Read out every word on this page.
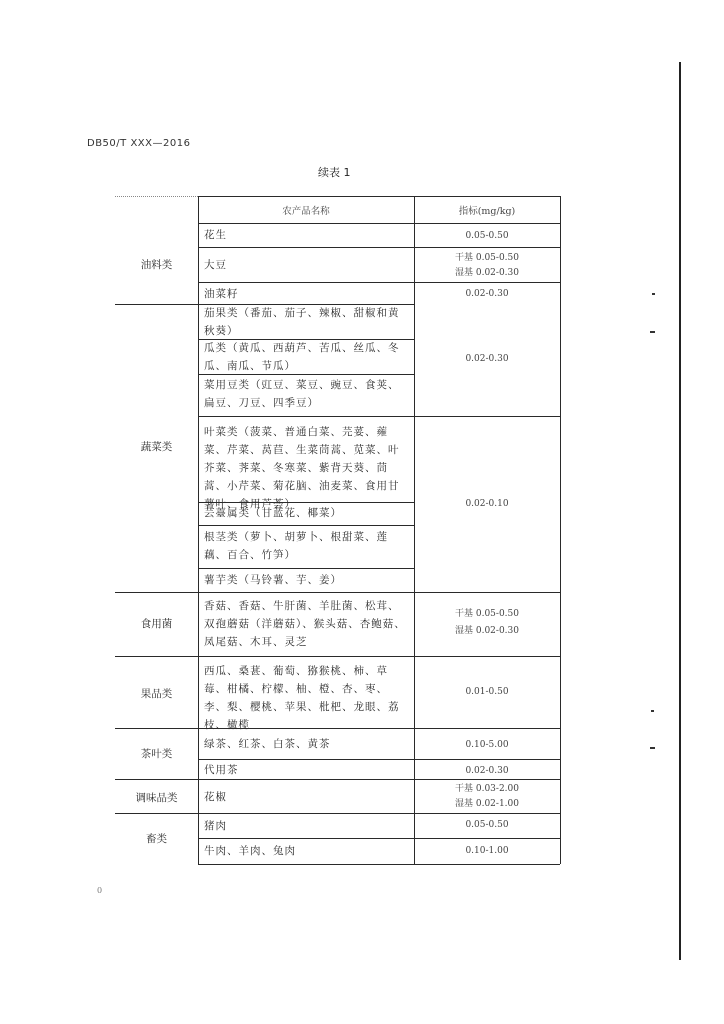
DB50/T XXX—2016
续表 1
0
农产品名称	指标(mg/kg)
油料类
蔬菜类
食用菌
果品类
茶叶类
调味品类
畜类
花生
大豆
油菜籽
茄果类（番茄、茄子、辣椒、甜椒和黄秋葵）
瓜类（黄瓜、西葫芦、苦瓜、丝瓜、冬瓜、南瓜、节瓜）
菜用豆类（豇豆、菜豆、豌豆、食荚、扁豆、刀豆、四季豆）
叶菜类（菠菜、普通白菜、芫荽、蕹菜、芹菜、莴苣、生菜茼蒿、苋菜、叶芥菜、荠菜、冬寒菜、紫背天葵、茼蒿、小芹菜、菊花脑、油麦菜、食用甘薯叶、食用芦荟）
芸薹属类（甘蓝花、椰菜）
根茎类（萝卜、胡萝卜、根甜菜、莲藕、百合、竹笋）
薯芋类（马铃薯、芋、姜）
香菇、香菇、牛肝菌、羊肚菌、松茸、双孢蘑菇（洋蘑菇）、猴头菇、杏鲍菇、凤尾菇、木耳、灵芝
西瓜、桑葚、葡萄、猕猴桃、柿、草莓、柑橘、柠檬、柚、橙、杏、枣、李、梨、樱桃、苹果、枇杷、龙眼、荔枝、橄榄
绿茶、红茶、白茶、黄茶
代用茶
花椒
猪肉
牛肉、羊肉、兔肉
0.05-0.50
干基 0.05-0.50
湿基 0.02-0.30
0.02-0.30
0.02-0.30
0.02-0.10
干基 0.05-0.50
湿基 0.02-0.30
0.01-0.50
0.10-5.00
0.02-0.30
干基 0.03-2.00
湿基 0.02-1.00
0.05-0.50
0.10-1.00
